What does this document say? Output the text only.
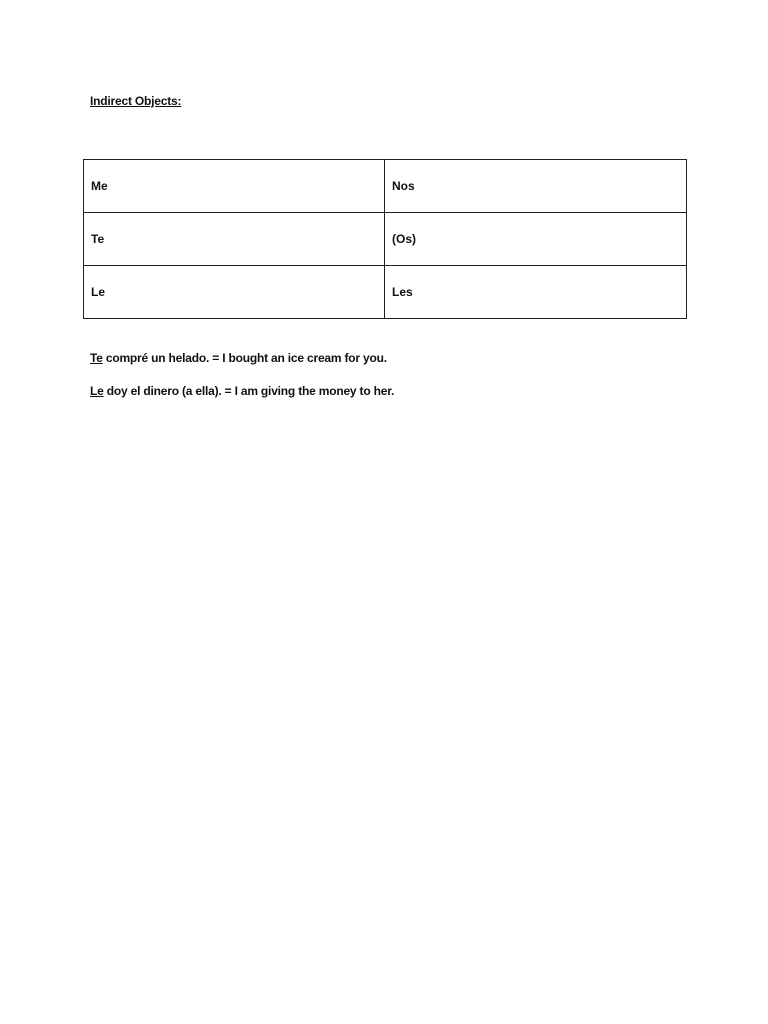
Indirect Objects:
Me	Nos
Te	(Os)
Le	Les
Te compré un helado. = I bought an ice cream for you.
Le doy el dinero (a ella). = I am giving the money to her.
